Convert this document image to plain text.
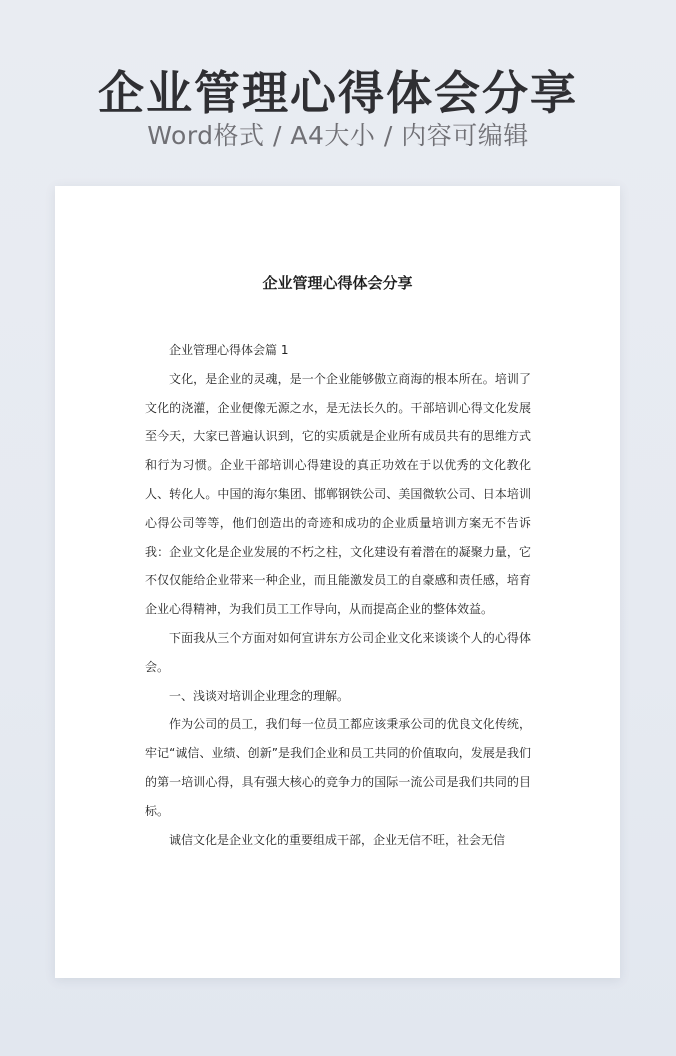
企业管理心得体会分享
Word格式 / A4大小 / 内容可编辑
企业管理心得体会分享

企业管理心得体会篇 1

文化，是企业的灵魂，是一个企业能够傲立商海的根本所在。培训了文化的浇灌，企业便像无源之水，是无法长久的。干部培训心得文化发展至今天，大家已普遍认识到，它的实质就是企业所有成员共有的思维方式和行为习惯。企业干部培训心得建设的真正功效在于以优秀的文化教化人、转化人。中国的海尔集团、邯郸钢铁公司、美国微软公司、日本培训心得公司等等，他们创造出的奇迹和成功的企业质量培训方案无不告诉我：企业文化是企业发展的不朽之柱，文化建设有着潜在的凝聚力量，它不仅仅能给企业带来一种企业，而且能激发员工的自豪感和责任感，培育企业心得精神，为我们员工工作导向，从而提高企业的整体效益。

下面我从三个方面对如何宣讲东方公司企业文化来谈谈个人的心得体会。

一、浅谈对培训企业理念的理解。

作为公司的员工，我们每一位员工都应该秉承公司的优良文化传统，牢记“诚信、业绩、创新”是我们企业和员工共同的价值取向，发展是我们的第一培训心得，具有强大核心的竞争力的国际一流公司是我们共同的目标。

诚信文化是企业文化的重要组成干部，企业无信不旺，社会无信
